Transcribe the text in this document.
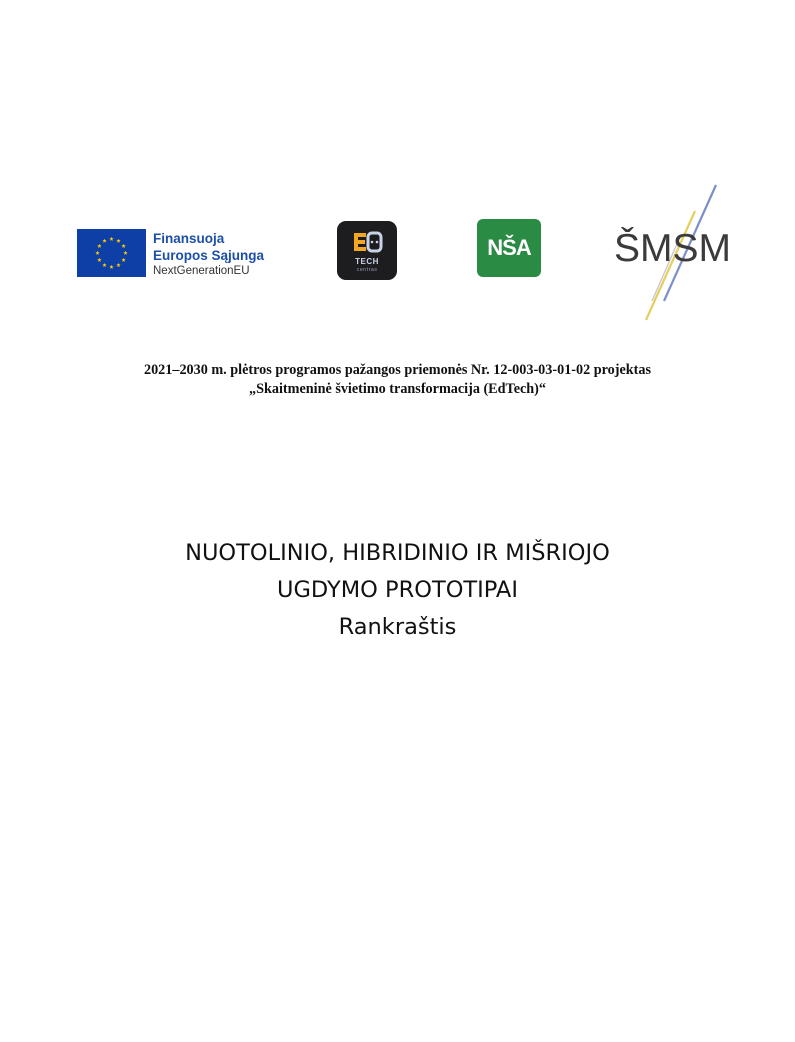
Finansuoja
Europos Sąjunga
NextGenerationEU
TECH
centras
NŠA ŠMSM
2021–2030 m. plėtros programos pažangos priemonės Nr. 12-003-03-01-02 projektas
„Skaitmeninė švietimo transformacija (EdTech)“
NUOTOLINIO, HIBRIDINIO IR MIŠRIOJO
UGDYMO PROTOTIPAI
Rankraštis
